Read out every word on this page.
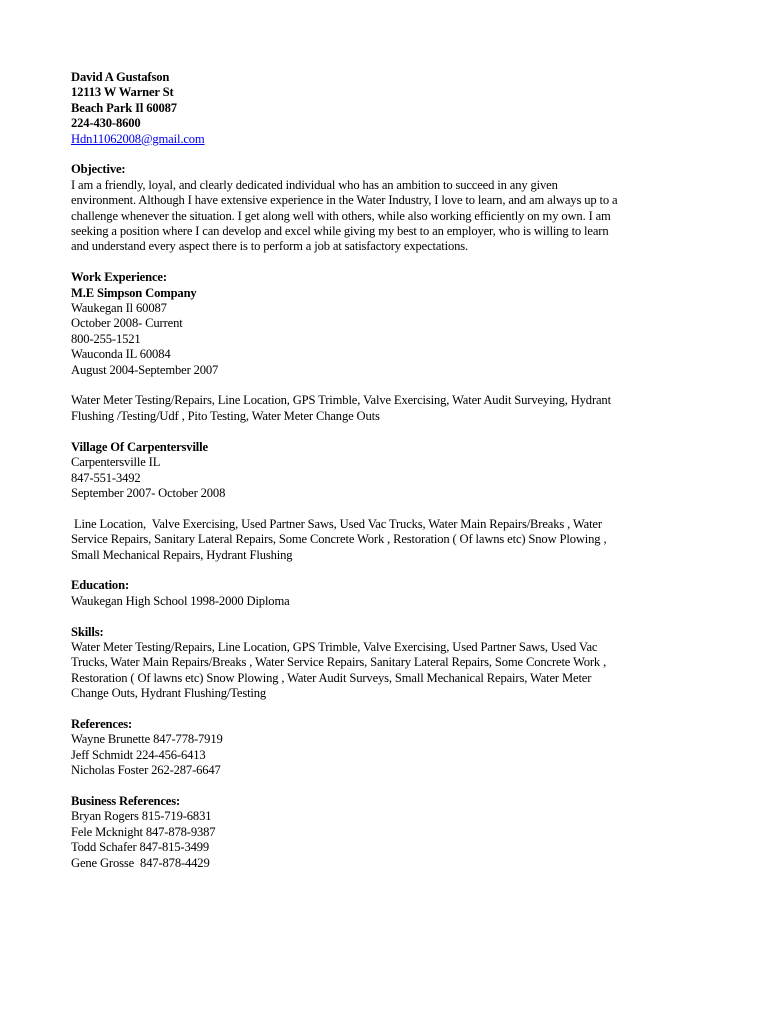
David A Gustafson
12113 W Warner St
Beach Park Il 60087
224-430-8600
Hdn11062008@gmail.com
Objective:
I am a friendly, loyal, and clearly dedicated individual who has an ambition to succeed in any given
environment. Although I have extensive experience in the Water Industry, I love to learn, and am always up to a
challenge whenever the situation. I get along well with others, while also working efficiently on my own. I am
seeking a position where I can develop and excel while giving my best to an employer, who is willing to learn
and understand every aspect there is to perform a job at satisfactory expectations.
Work Experience:
M.E Simpson Company
Waukegan Il 60087
October 2008- Current
800-255-1521
Wauconda IL 60084
August 2004-September 2007
Water Meter Testing/Repairs, Line Location, GPS Trimble, Valve Exercising, Water Audit Surveying, Hydrant
Flushing /Testing/Udf , Pito Testing, Water Meter Change Outs
Village Of Carpentersville
Carpentersville IL
847-551-3492
September 2007- October 2008
Line Location,  Valve Exercising, Used Partner Saws, Used Vac Trucks, Water Main Repairs/Breaks , Water
Service Repairs, Sanitary Lateral Repairs, Some Concrete Work , Restoration ( Of lawns etc) Snow Plowing ,
Small Mechanical Repairs, Hydrant Flushing
Education:
Waukegan High School 1998-2000 Diploma
Skills:
Water Meter Testing/Repairs, Line Location, GPS Trimble, Valve Exercising, Used Partner Saws, Used Vac
Trucks, Water Main Repairs/Breaks , Water Service Repairs, Sanitary Lateral Repairs, Some Concrete Work ,
Restoration ( Of lawns etc) Snow Plowing , Water Audit Surveys, Small Mechanical Repairs, Water Meter
Change Outs, Hydrant Flushing/Testing
References:
Wayne Brunette 847-778-7919
Jeff Schmidt 224-456-6413
Nicholas Foster 262-287-6647
Business References:
Bryan Rogers 815-719-6831
Fele Mcknight 847-878-9387
Todd Schafer 847-815-3499
Gene Grosse  847-878-4429
